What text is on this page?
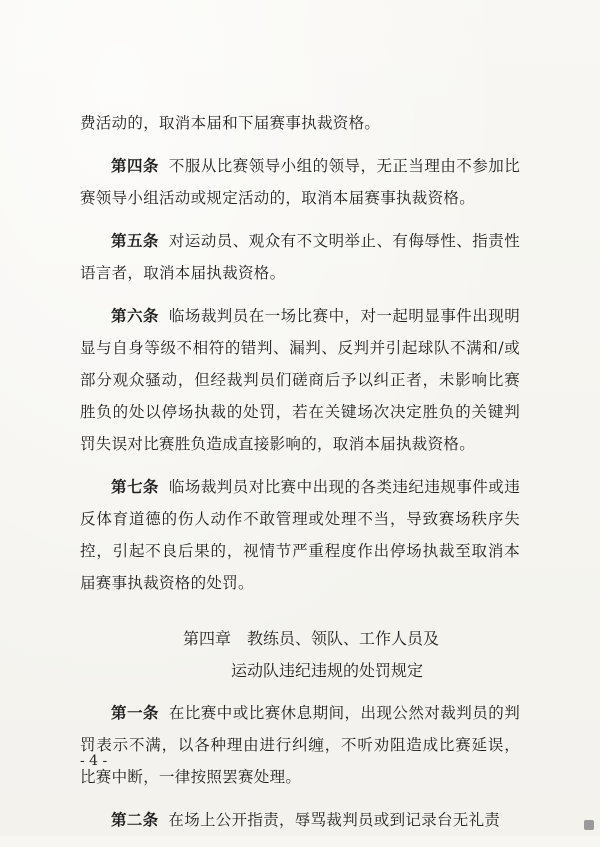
费活动的，取消本届和下届赛事执裁资格。

第四条 不服从比赛领导小组的领导，无正当理由不参加比赛领导小组活动或规定活动的，取消本届赛事执裁资格。

第五条 对运动员、观众有不文明举止、有侮辱性、指责性语言者，取消本届执裁资格。

第六条 临场裁判员在一场比赛中，对一起明显事件出现明显与自身等级不相符的错判、漏判、反判并引起球队不满和/或部分观众骚动，但经裁判员们磋商后予以纠正者，未影响比赛胜负的处以停场执裁的处罚，若在关键场次决定胜负的关键判罚失误对比赛胜负造成直接影响的，取消本届执裁资格。

第七条 临场裁判员对比赛中出现的各类违纪违规事件或违反体育道德的伤人动作不敢管理或处理不当，导致赛场秩序失控，引起不良后果的，视情节严重程度作出停场执裁至取消本届赛事执裁资格的处罚。

第四章　教练员、领队、工作人员及
运动队违纪违规的处罚规定

第一条 在比赛中或比赛休息期间，出现公然对裁判员的判罚表示不满，以各种理由进行纠缠，不听劝阻造成比赛延误，比赛中断，一律按照罢赛处理。

第二条 在场上公开指责，辱骂裁判员或到记录台无礼责

- 4 -
